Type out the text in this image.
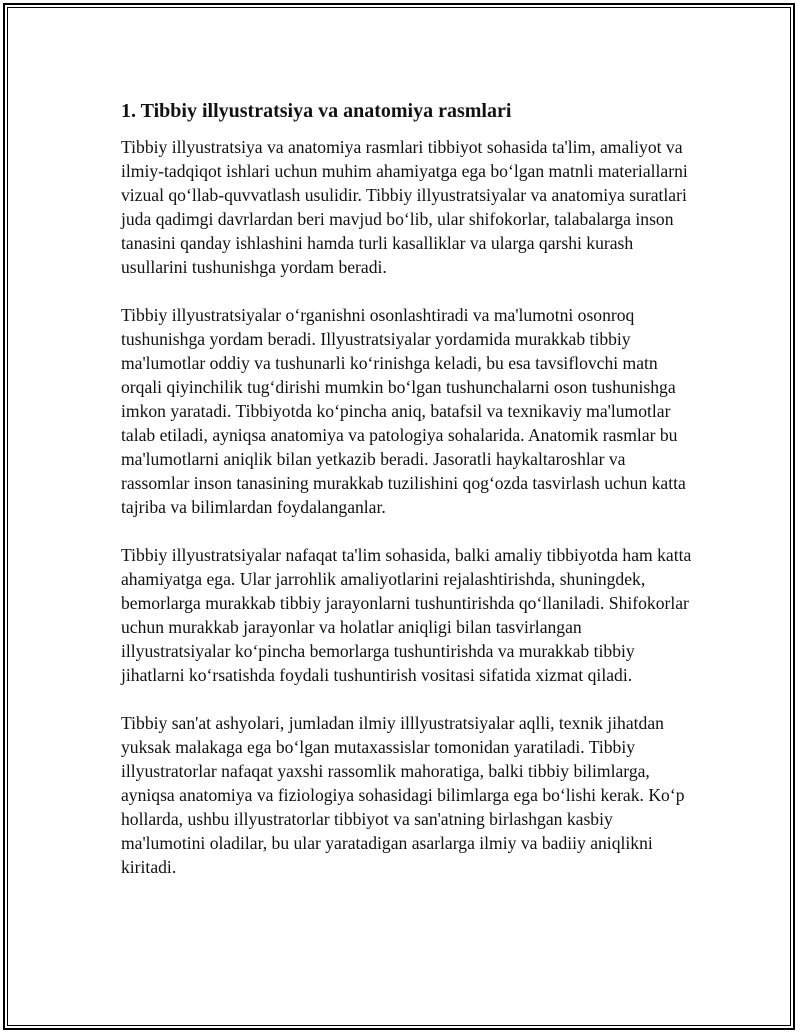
1. Tibbiy illyustratsiya va anatomiya rasmlari

Tibbiy illyustratsiya va anatomiya rasmlari tibbiyot sohasida ta'lim, amaliyot va ilmiy-tadqiqot ishlari uchun muhim ahamiyatga ega bo‘lgan matnli materiallarni vizual qo‘llab-quvvatlash usulidir. Tibbiy illyustratsiyalar va anatomiya suratlari juda qadimgi davrlardan beri mavjud bo‘lib, ular shifokorlar, talabalarga inson tanasini qanday ishlashini hamda turli kasalliklar va ularga qarshi kurash usullarini tushunishga yordam beradi.

Tibbiy illyustratsiyalar o‘rganishni osonlashtiradi va ma'lumotni osonroq tushunishga yordam beradi. Illyustratsiyalar yordamida murakkab tibbiy ma'lumotlar oddiy va tushunarli ko‘rinishga keladi, bu esa tavsiflovchi matn orqali qiyinchilik tug‘dirishi mumkin bo‘lgan tushunchalarni oson tushunishga imkon yaratadi. Tibbiyotda ko‘pincha aniq, batafsil va texnikaviy ma'lumotlar talab etiladi, ayniqsa anatomiya va patologiya sohalarida. Anatomik rasmlar bu ma'lumotlarni aniqlik bilan yetkazib beradi. Jasoratli haykaltaroshlar va rassomlar inson tanasining murakkab tuzilishini qog‘ozda tasvirlash uchun katta tajriba va bilimlardan foydalanganlar.

Tibbiy illyustratsiyalar nafaqat ta'lim sohasida, balki amaliy tibbiyotda ham katta ahamiyatga ega. Ular jarrohlik amaliyotlarini rejalashtirishda, shuningdek, bemorlarga murakkab tibbiy jarayonlarni tushuntirishda qo‘llaniladi. Shifokorlar uchun murakkab jarayonlar va holatlar aniqligi bilan tasvirlangan illyustratsiyalar ko‘pincha bemorlarga tushuntirishda va murakkab tibbiy jihatlarni ko‘rsatishda foydali tushuntirish vositasi sifatida xizmat qiladi.

Tibbiy san'at ashyolari, jumladan ilmiy illlyustratsiyalar aqlli, texnik jihatdan yuksak malakaga ega bo‘lgan mutaxassislar tomonidan yaratiladi. Tibbiy illyustratorlar nafaqat yaxshi rassomlik mahoratiga, balki tibbiy bilimlarga, ayniqsa anatomiya va fiziologiya sohasidagi bilimlarga ega bo‘lishi kerak. Ko‘p hollarda, ushbu illyustratorlar tibbiyot va san'atning birlashgan kasbiy ma'lumotini oladilar, bu ular yaratadigan asarlarga ilmiy va badiiy aniqlikni kiritadi.
